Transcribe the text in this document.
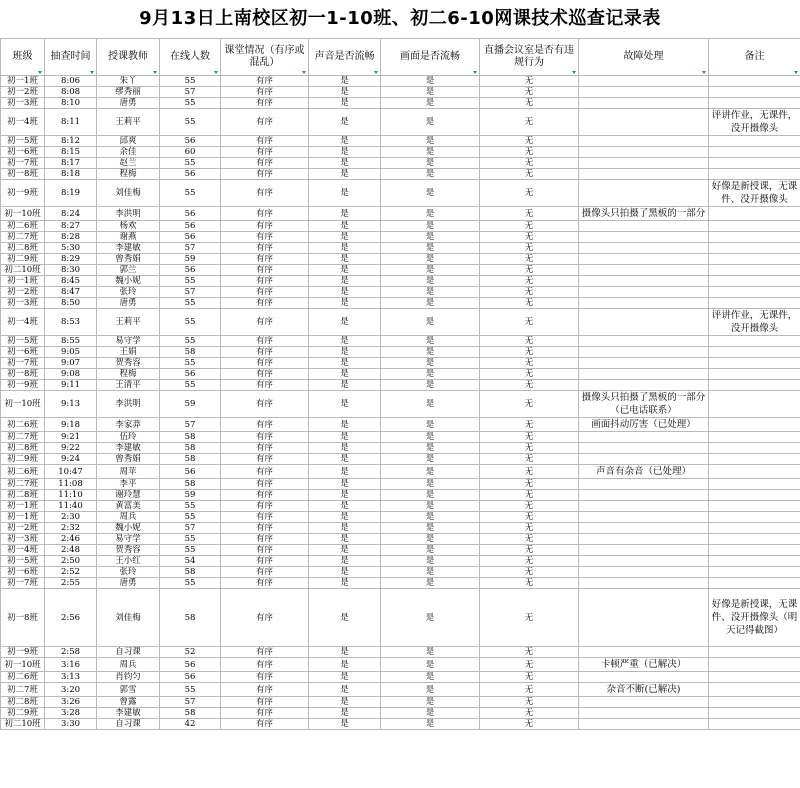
9月13日上南校区初一1-10班、初二6-10网课技术巡查记录表
班级	抽查时间	授课教师	在线人数	课堂情况（有序或混乱）	声音是否流畅	画面是否流畅	直播会议室是否有违规行为	故障处理	备注

初一1班	8:06	朱丫	55	有序	是	是	无		
初一2班	8:08	缪秀丽	57	有序	是	是	无		
初一3班	8:10	唐勇	55	有序	是	是	无		
初一4班	8:11	王莉平	55	有序	是	是	无		评讲作业，无课件，没开摄像头
初一5班	8:12	邱爽	56	有序	是	是	无		
初一6班	8:15	余佳	60	有序	是	是	无		
初一7班	8:17	赵兰	55	有序	是	是	无		
初一8班	8:18	程梅	56	有序	是	是	无		
初一9班	8:19	刘佳梅	55	有序	是	是	无		好像是新授课，无课件、没开摄像头
初一10班	8:24	李洪明	56	有序	是	是	无	摄像头只拍摄了黑板的一部分	
初二6班	8:27	杨欢	56	有序	是	是	无		
初二7班	8:28	谢燕	56	有序	是	是	无		
初二8班	5:30	李建敏	57	有序	是	是	无		
初二9班	8:29	曾秀娟	59	有序	是	是	无		
初二10班	8:30	郭兰	56	有序	是	是	无		
初一1班	8:45	魏小妮	55	有序	是	是	无		
初一2班	8:47	张玲	57	有序	是	是	无		
初一3班	8:50	唐勇	55	有序	是	是	无		
初一4班	8:53	王莉平	55	有序	是	是	无		评讲作业，无课件，没开摄像头
初一5班	8:55	易守学	55	有序	是	是	无		
初一6班	9:05	王娟	58	有序	是	是	无		
初一7班	9:07	贺秀容	55	有序	是	是	无		
初一8班	9:08	程梅	56	有序	是	是	无		
初一9班	9:11	王清平	55	有序	是	是	无		
初一10班	9:13	李洪明	59	有序	是	是	无	摄像头只拍摄了黑板的一部分（已电话联系）	
初二6班	9:18	李家莽	57	有序	是	是	无	画面抖动厉害（已处理）	
初二7班	9:21	伍玲	58	有序	是	是	无		
初二8班	9:22	李建敏	58	有序	是	是	无		
初二9班	9:24	曾秀娟	58	有序	是	是	无		
初二6班	10:47	周苹	56	有序	是	是	无	声音有杂音（已处理）	
初二7班	11:08	李平	58	有序	是	是	无		
初二8班	11:10	谢玲慧	59	有序	是	是	无		
初一1班	11:40	黄富美	55	有序	是	是	无		
初一1班	2:30	周兵	55	有序	是	是	无		
初一2班	2:32	魏小妮	57	有序	是	是	无		
初一3班	2:46	易守学	55	有序	是	是	无		
初一4班	2:48	贺秀容	55	有序	是	是	无		
初一5班	2:50	王小红	54	有序	是	是	无		
初一6班	2:52	张玲	58	有序	是	是	无		
初一7班	2:55	唐勇	55	有序	是	是	无		
初一8班	2:56	刘佳梅	58	有序	是	是	无		好像是新授课，无课件、没开摄像头（明天记得截图）
初一9班	2:58	自习课	52	有序	是	是	无		
初一10班	3:16	周兵	56	有序	是	是	无	卡顿严重（已解决）	
初二6班	3:13	肖钧匀	56	有序	是	是	无		
初二7班	3:20	郭雪	55	有序	是	是	无	杂音不断(已解决)	
初二8班	3:26	曾露	57	有序	是	是	无		
初二9班	3:28	李建敏	58	有序	是	是	无		
初二10班	3:30	自习课	42	有序	是	是	无		
